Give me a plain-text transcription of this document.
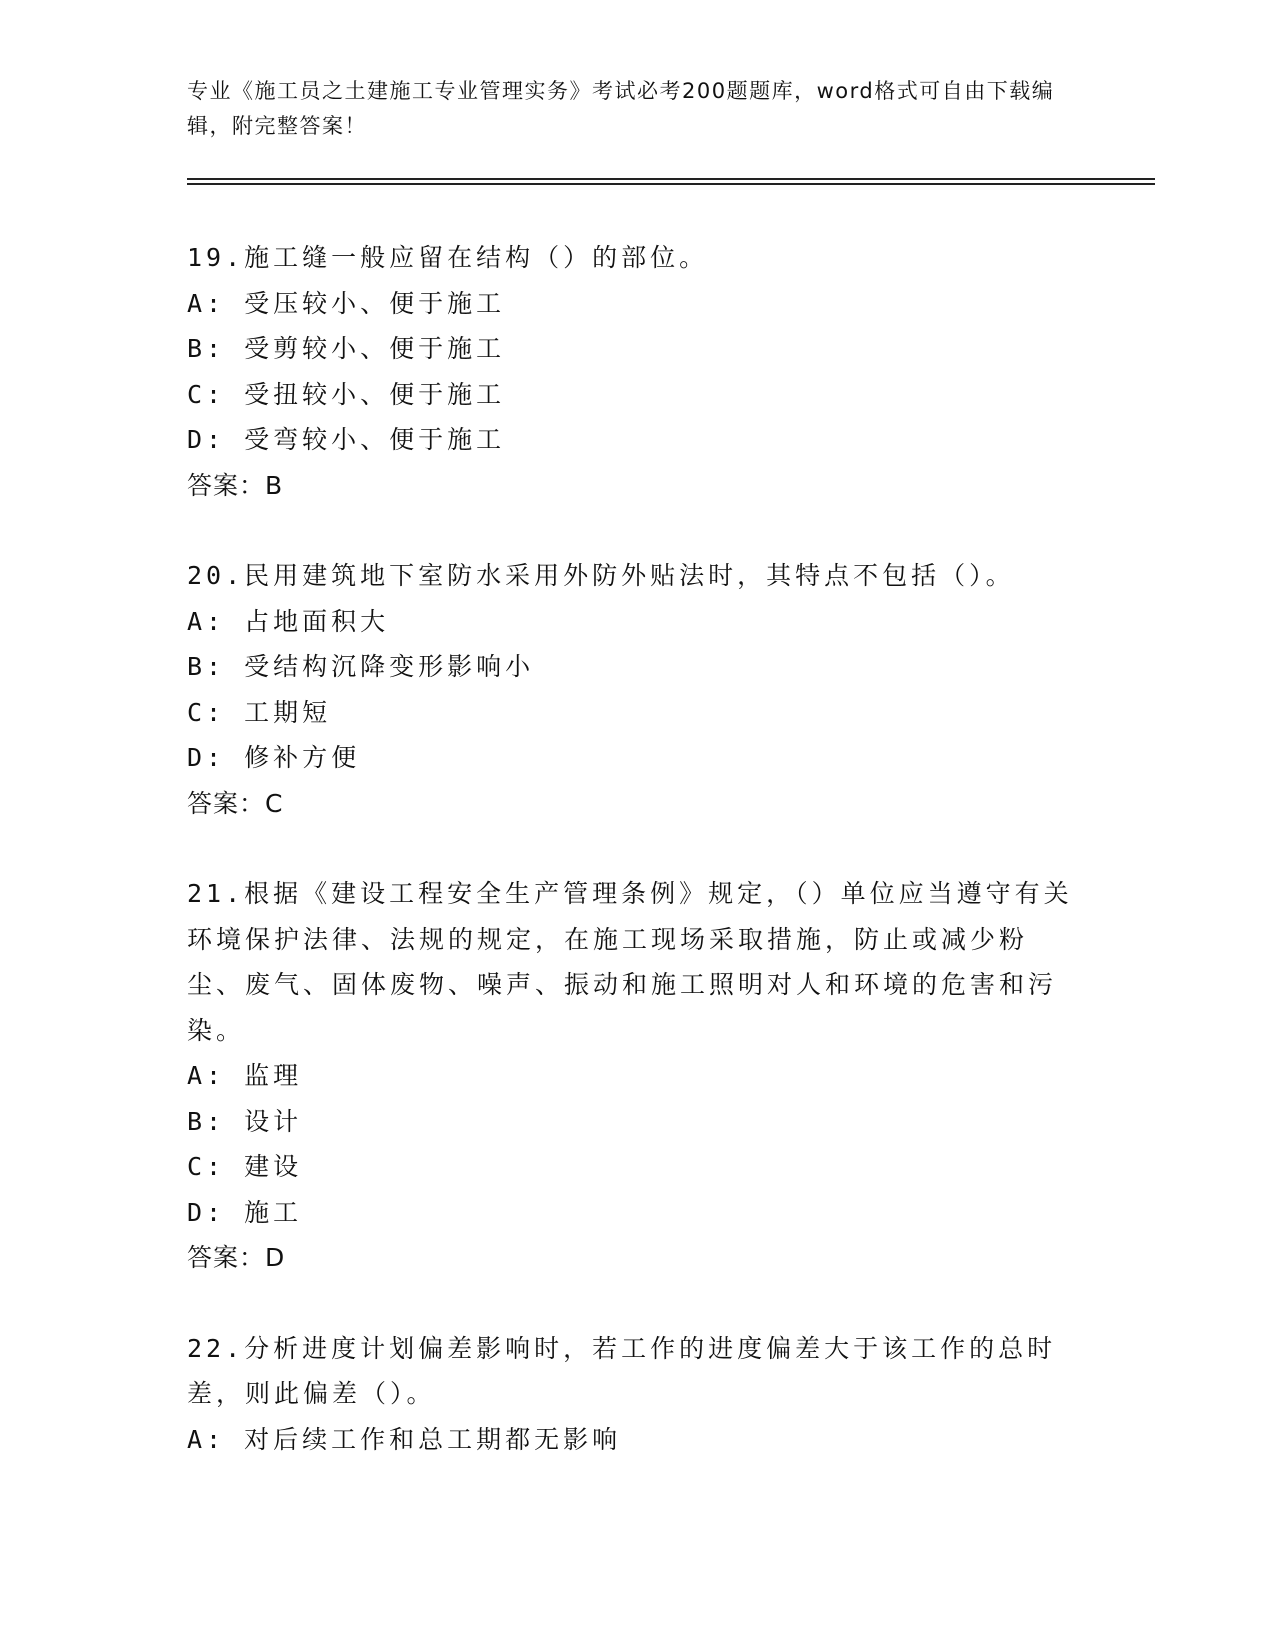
专业《施工员之土建施工专业管理实务》考试必考200题题库，word格式可自由下载编辑，附完整答案！
19.施工缝一般应留在结构（）的部位。
A: 受压较小、便于施工
B: 受剪较小、便于施工
C: 受扭较小、便于施工
D: 受弯较小、便于施工
答案：B
20.民用建筑地下室防水采用外防外贴法时，其特点不包括（）。
A: 占地面积大
B: 受结构沉降变形影响小
C: 工期短
D: 修补方便
答案：C
21.根据《建设工程安全生产管理条例》规定，（）单位应当遵守有关环境保护法律、法规的规定，在施工现场采取措施，防止或减少粉尘、废气、固体废物、噪声、振动和施工照明对人和环境的危害和污染。
A: 监理
B: 设计
C: 建设
D: 施工
答案：D
22.分析进度计划偏差影响时，若工作的进度偏差大于该工作的总时差，则此偏差（）。
A: 对后续工作和总工期都无影响
